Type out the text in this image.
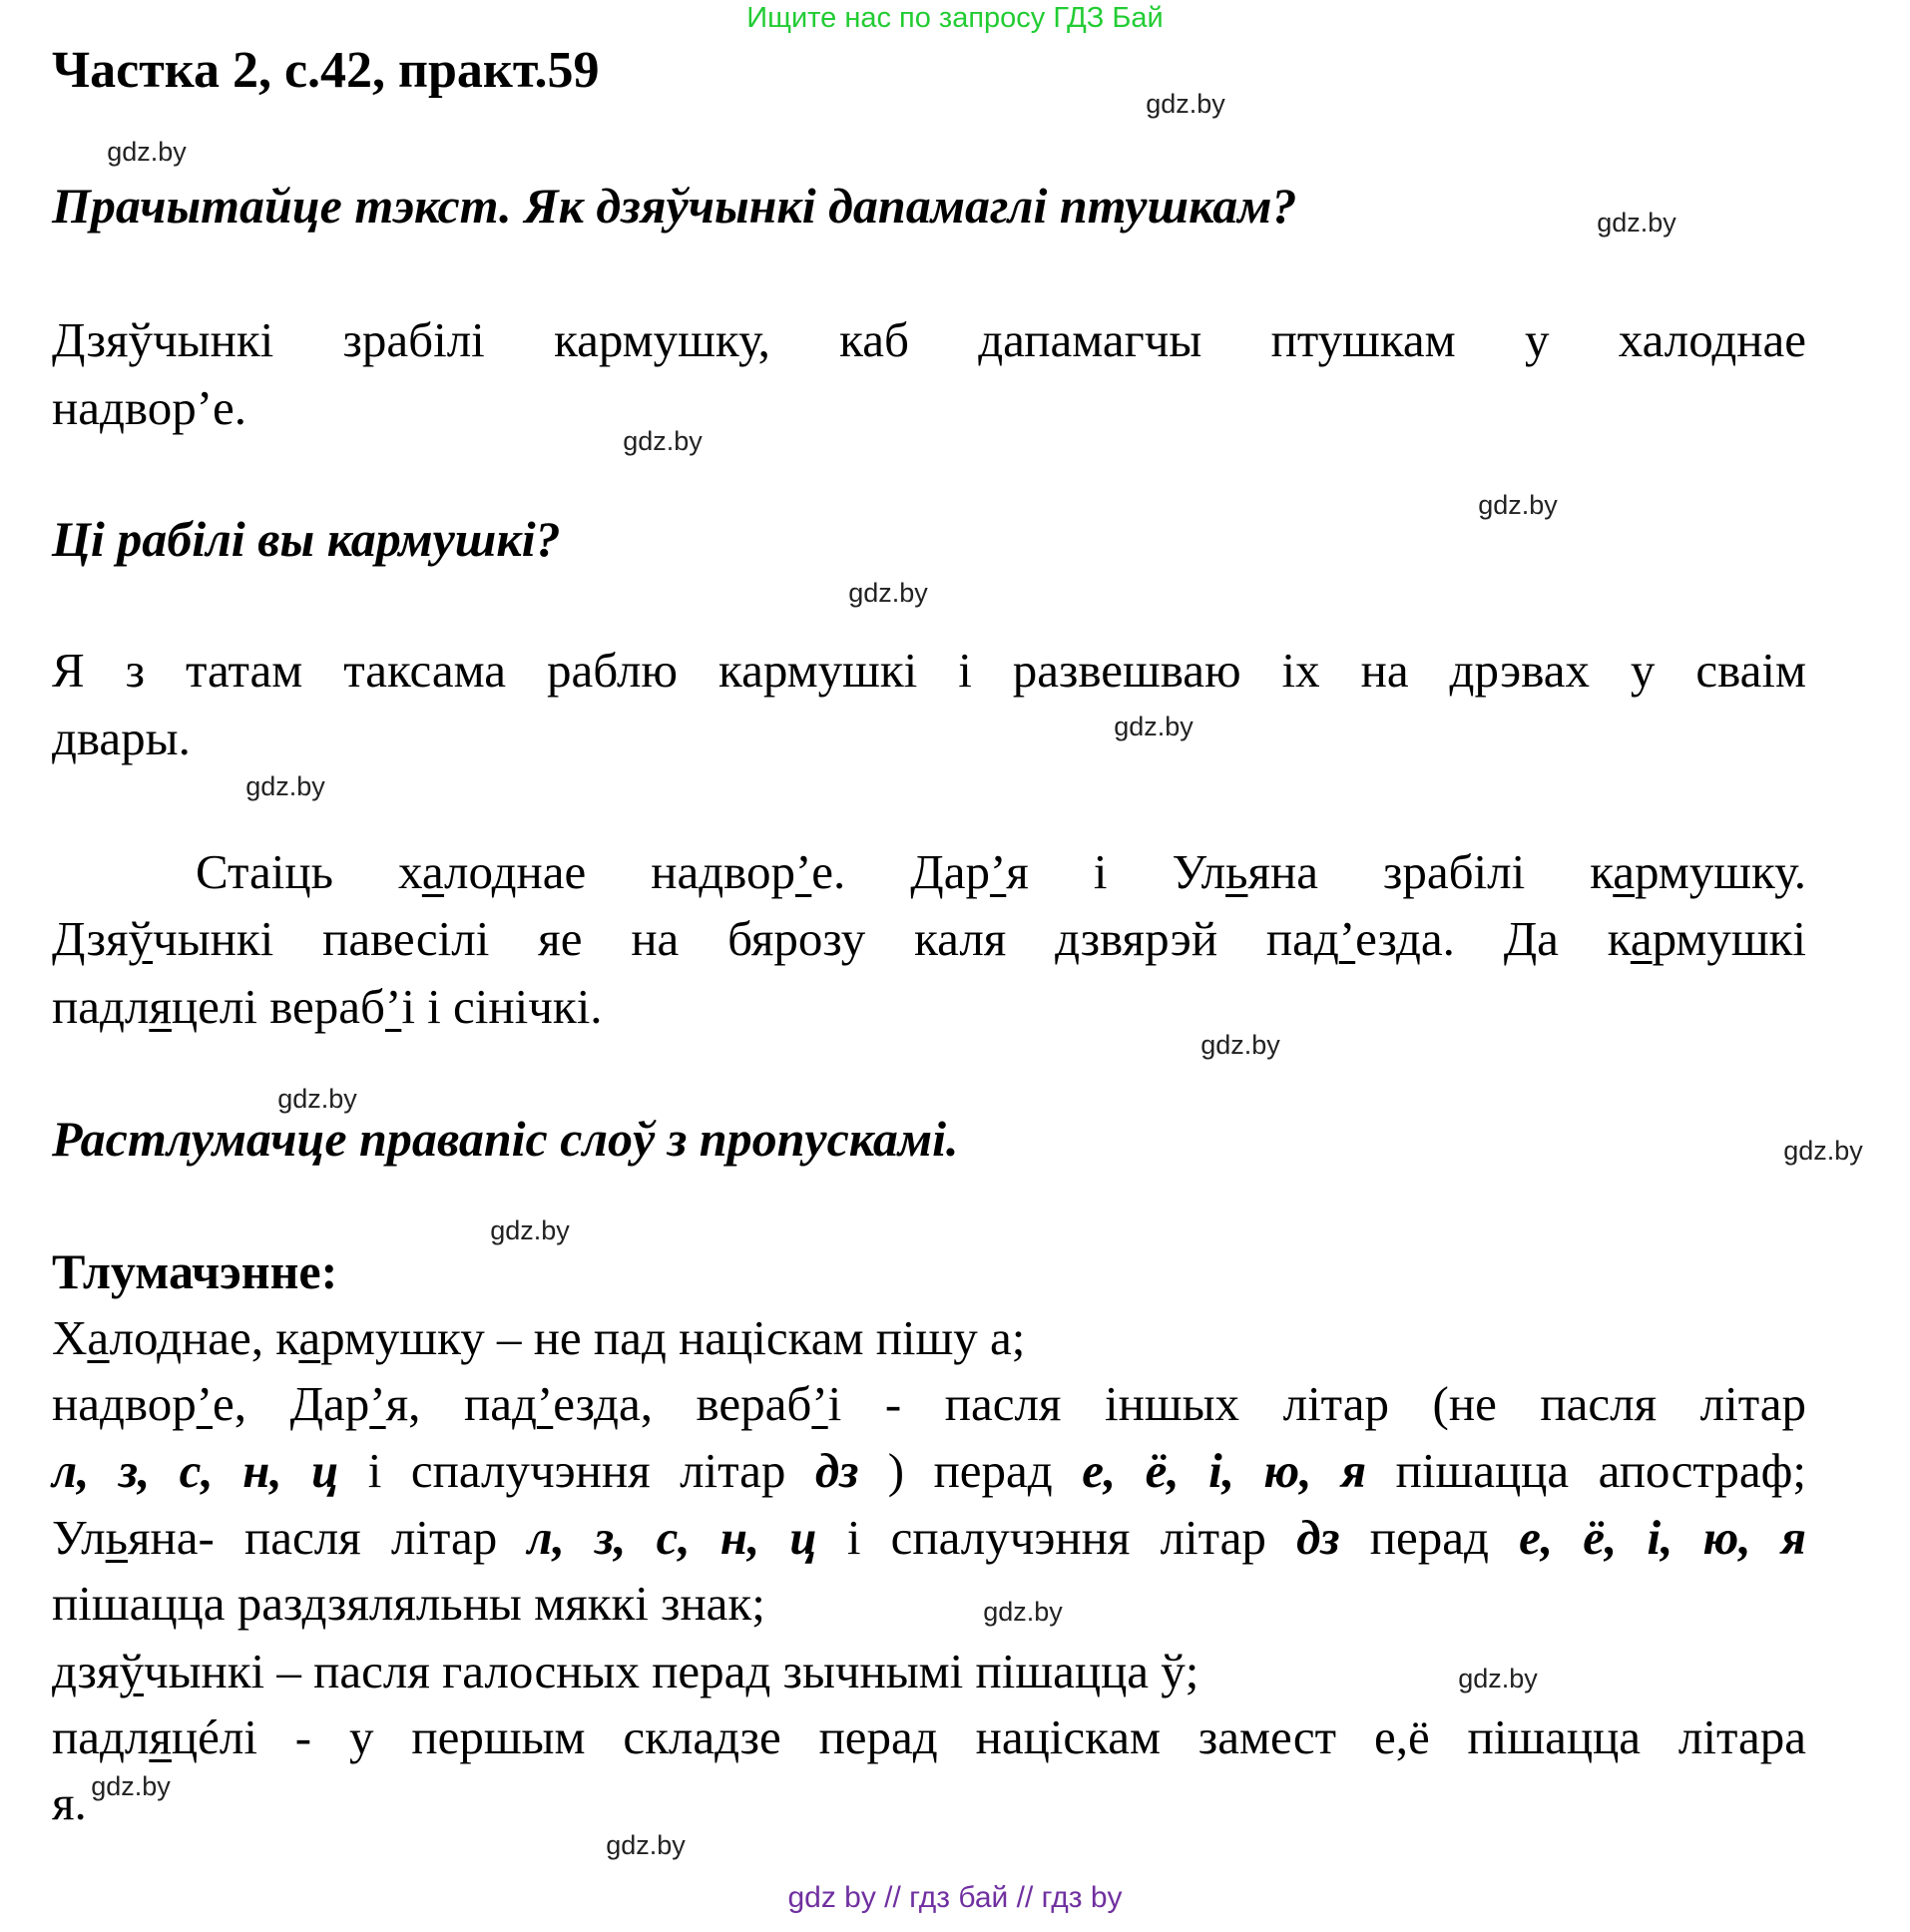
Ищите нас по запросу ГДЗ Бай
Частка 2, с.42, практ.59
Прачытайце тэкст. Як дзяўчынкі дапамаглі птушкам?
Дзяўчынкі зрабілі кармушку, каб дапамагчы птушкам у халоднае
надвор’е.
Ці рабілі вы кармушкі?
Я з татам таксама раблю кармушкі і развешваю іх на дрэвах у сваім
двары.
Стаіць халоднае надвор’е. Дар’я і Ульяна зрабілі кармушку.
Дзяўчынкі павесілі яе на бярозу каля дзвярэй пад’езда. Да кармушкі
падляцелі вераб’і і сінічкі.
Растлумачце правапіс слоў з пропускамі.
Тлумачэнне:
Халоднае, кармушку – не пад націскам пішу а;
надвор’е, Дар’я, пад’езда, вераб’і - пасля іншых літар (не пасля літар
л, з, с, н, ц і спалучэння літар дз ) перад е, ё, і, ю, я пішацца апостраф;
Ульяна- пасля літар л, з, с, н, ц і спалучэння літар дз перад е, ё, і, ю, я
пішацца раздзяляльны мяккі знак;
дзяўчынкі – пасля галосных перад зычнымі пішацца ў;
падляцéлі - у першым складзе перад націскам замест е,ё пішацца літара
я.
gdz.by
gdz.by
gdz.by
gdz.by
gdz.by
gdz.by
gdz.by
gdz.by
gdz.by
gdz.by
gdz.by
gdz.by
gdz.by
gdz.by
gdz.by
gdz.by
gdz by // гдз бай // гдз by
